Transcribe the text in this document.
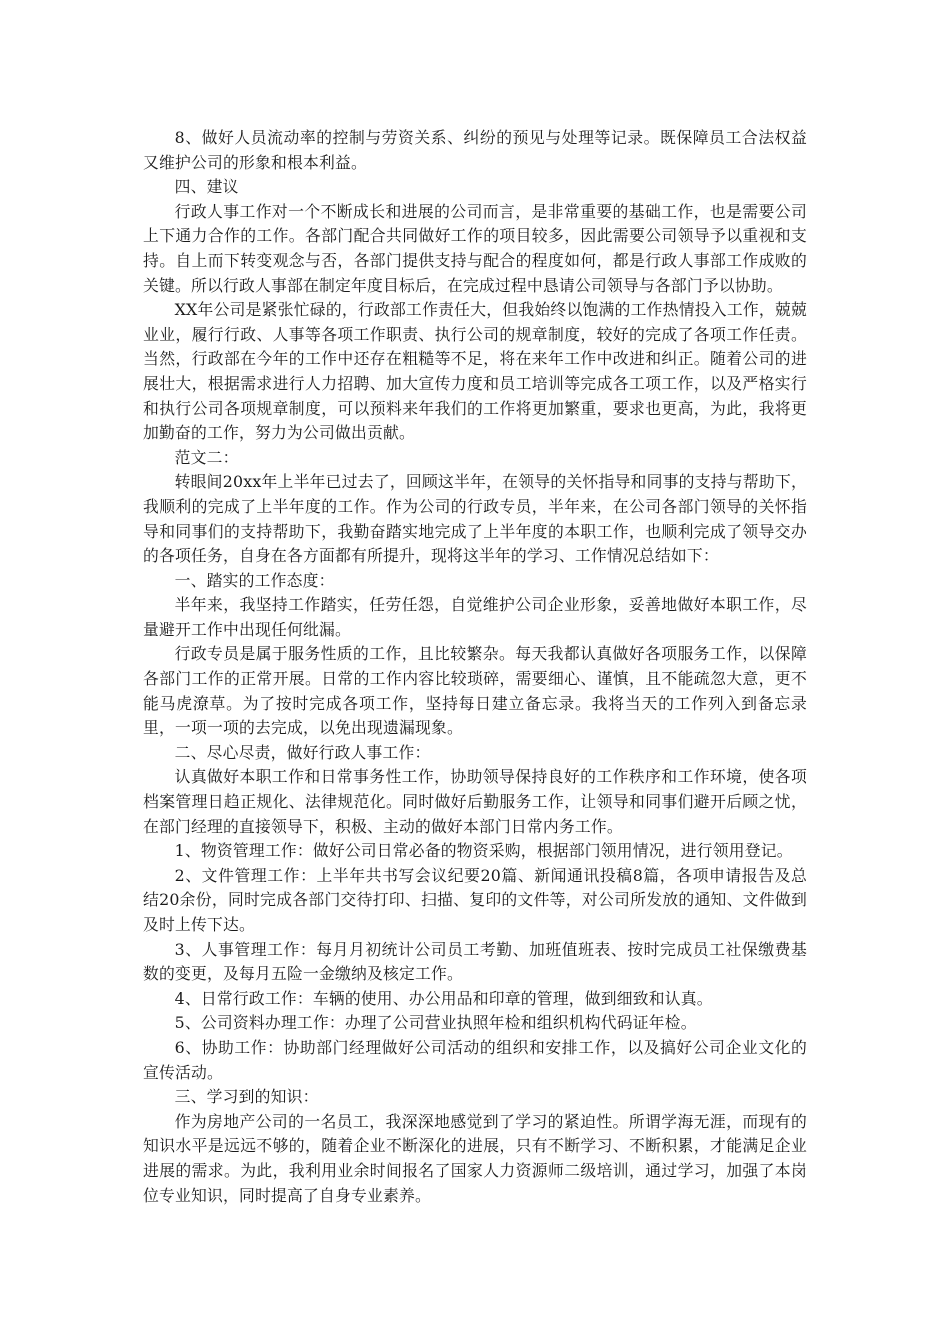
8、做好人员流动率的控制与劳资关系、纠纷的预见与处理等记录。既保障员工合法权益又维护公司的形象和根本利益。

四、建议

行政人事工作对一个不断成长和进展的公司而言，是非常重要的基础工作，也是需要公司上下通力合作的工作。各部门配合共同做好工作的项目较多，因此需要公司领导予以重视和支持。自上而下转变观念与否，各部门提供支持与配合的程度如何，都是行政人事部工作成败的关键。所以行政人事部在制定年度目标后，在完成过程中恳请公司领导与各部门予以协助。

XX年公司是紧张忙碌的，行政部工作责任大，但我始终以饱满的工作热情投入工作，兢兢业业，履行行政、人事等各项工作职责、执行公司的规章制度，较好的完成了各项工作任责。当然，行政部在今年的工作中还存在粗糙等不足，将在来年工作中改进和纠正。随着公司的进展壮大，根据需求进行人力招聘、加大宣传力度和员工培训等完成各工项工作，以及严格实行和执行公司各项规章制度，可以预料来年我们的工作将更加繁重，要求也更高，为此，我将更加勤奋的工作，努力为公司做出贡献。

范文二：

转眼间20xx年上半年已过去了，回顾这半年，在领导的关怀指导和同事的支持与帮助下，我顺利的完成了上半年度的工作。作为公司的行政专员，半年来，在公司各部门领导的关怀指导和同事们的支持帮助下，我勤奋踏实地完成了上半年度的本职工作，也顺利完成了领导交办的各项任务，自身在各方面都有所提升，现将这半年的学习、工作情况总结如下：

一、踏实的工作态度：

半年来，我坚持工作踏实，任劳任怨，自觉维护公司企业形象，妥善地做好本职工作，尽量避开工作中出现任何纰漏。

行政专员是属于服务性质的工作，且比较繁杂。每天我都认真做好各项服务工作，以保障各部门工作的正常开展。日常的工作内容比较琐碎，需要细心、谨慎，且不能疏忽大意，更不能马虎潦草。为了按时完成各项工作，坚持每日建立备忘录。我将当天的工作列入到备忘录里，一项一项的去完成，以免出现遗漏现象。

二、尽心尽责，做好行政人事工作：

认真做好本职工作和日常事务性工作，协助领导保持良好的工作秩序和工作环境，使各项档案管理日趋正规化、法律规范化。同时做好后勤服务工作，让领导和同事们避开后顾之忧，在部门经理的直接领导下，积极、主动的做好本部门日常内务工作。

1、物资管理工作：做好公司日常必备的物资采购，根据部门领用情况，进行领用登记。

2、文件管理工作：上半年共书写会议纪要20篇、新闻通讯投稿8篇，各项申请报告及总结20余份，同时完成各部门交待打印、扫描、复印的文件等，对公司所发放的通知、文件做到及时上传下达。

3、人事管理工作：每月月初统计公司员工考勤、加班值班表、按时完成员工社保缴费基数的变更，及每月五险一金缴纳及核定工作。

4、日常行政工作：车辆的使用、办公用品和印章的管理，做到细致和认真。

5、公司资料办理工作：办理了公司营业执照年检和组织机构代码证年检。

6、协助工作：协助部门经理做好公司活动的组织和安排工作，以及搞好公司企业文化的宣传活动。

三、学习到的知识：

作为房地产公司的一名员工，我深深地感觉到了学习的紧迫性。所谓学海无涯，而现有的知识水平是远远不够的，随着企业不断深化的进展，只有不断学习、不断积累，才能满足企业进展的需求。为此，我利用业余时间报名了国家人力资源师二级培训，通过学习，加强了本岗位专业知识，同时提高了自身专业素养。
